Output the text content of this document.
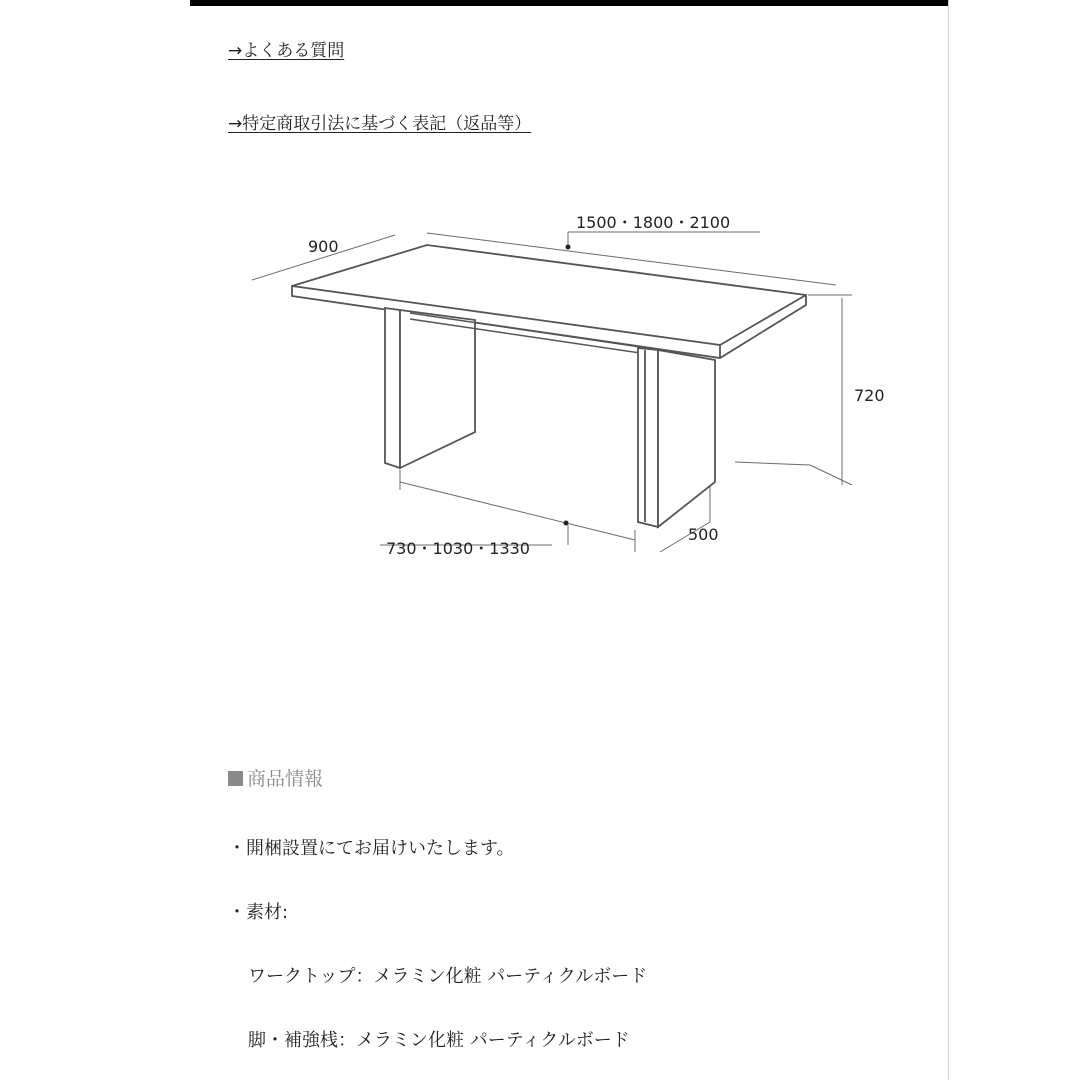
→よくある質問
→特定商取引法に基づく表記（返品等）
1500・1800・2100
900
720
730・1030・1330
500
商品情報
・開梱設置にてお届けいたします。
・素材:
ワークトップ：メラミン化粧 パーティクルボード
脚・補強桟：メラミン化粧 パーティクルボード
